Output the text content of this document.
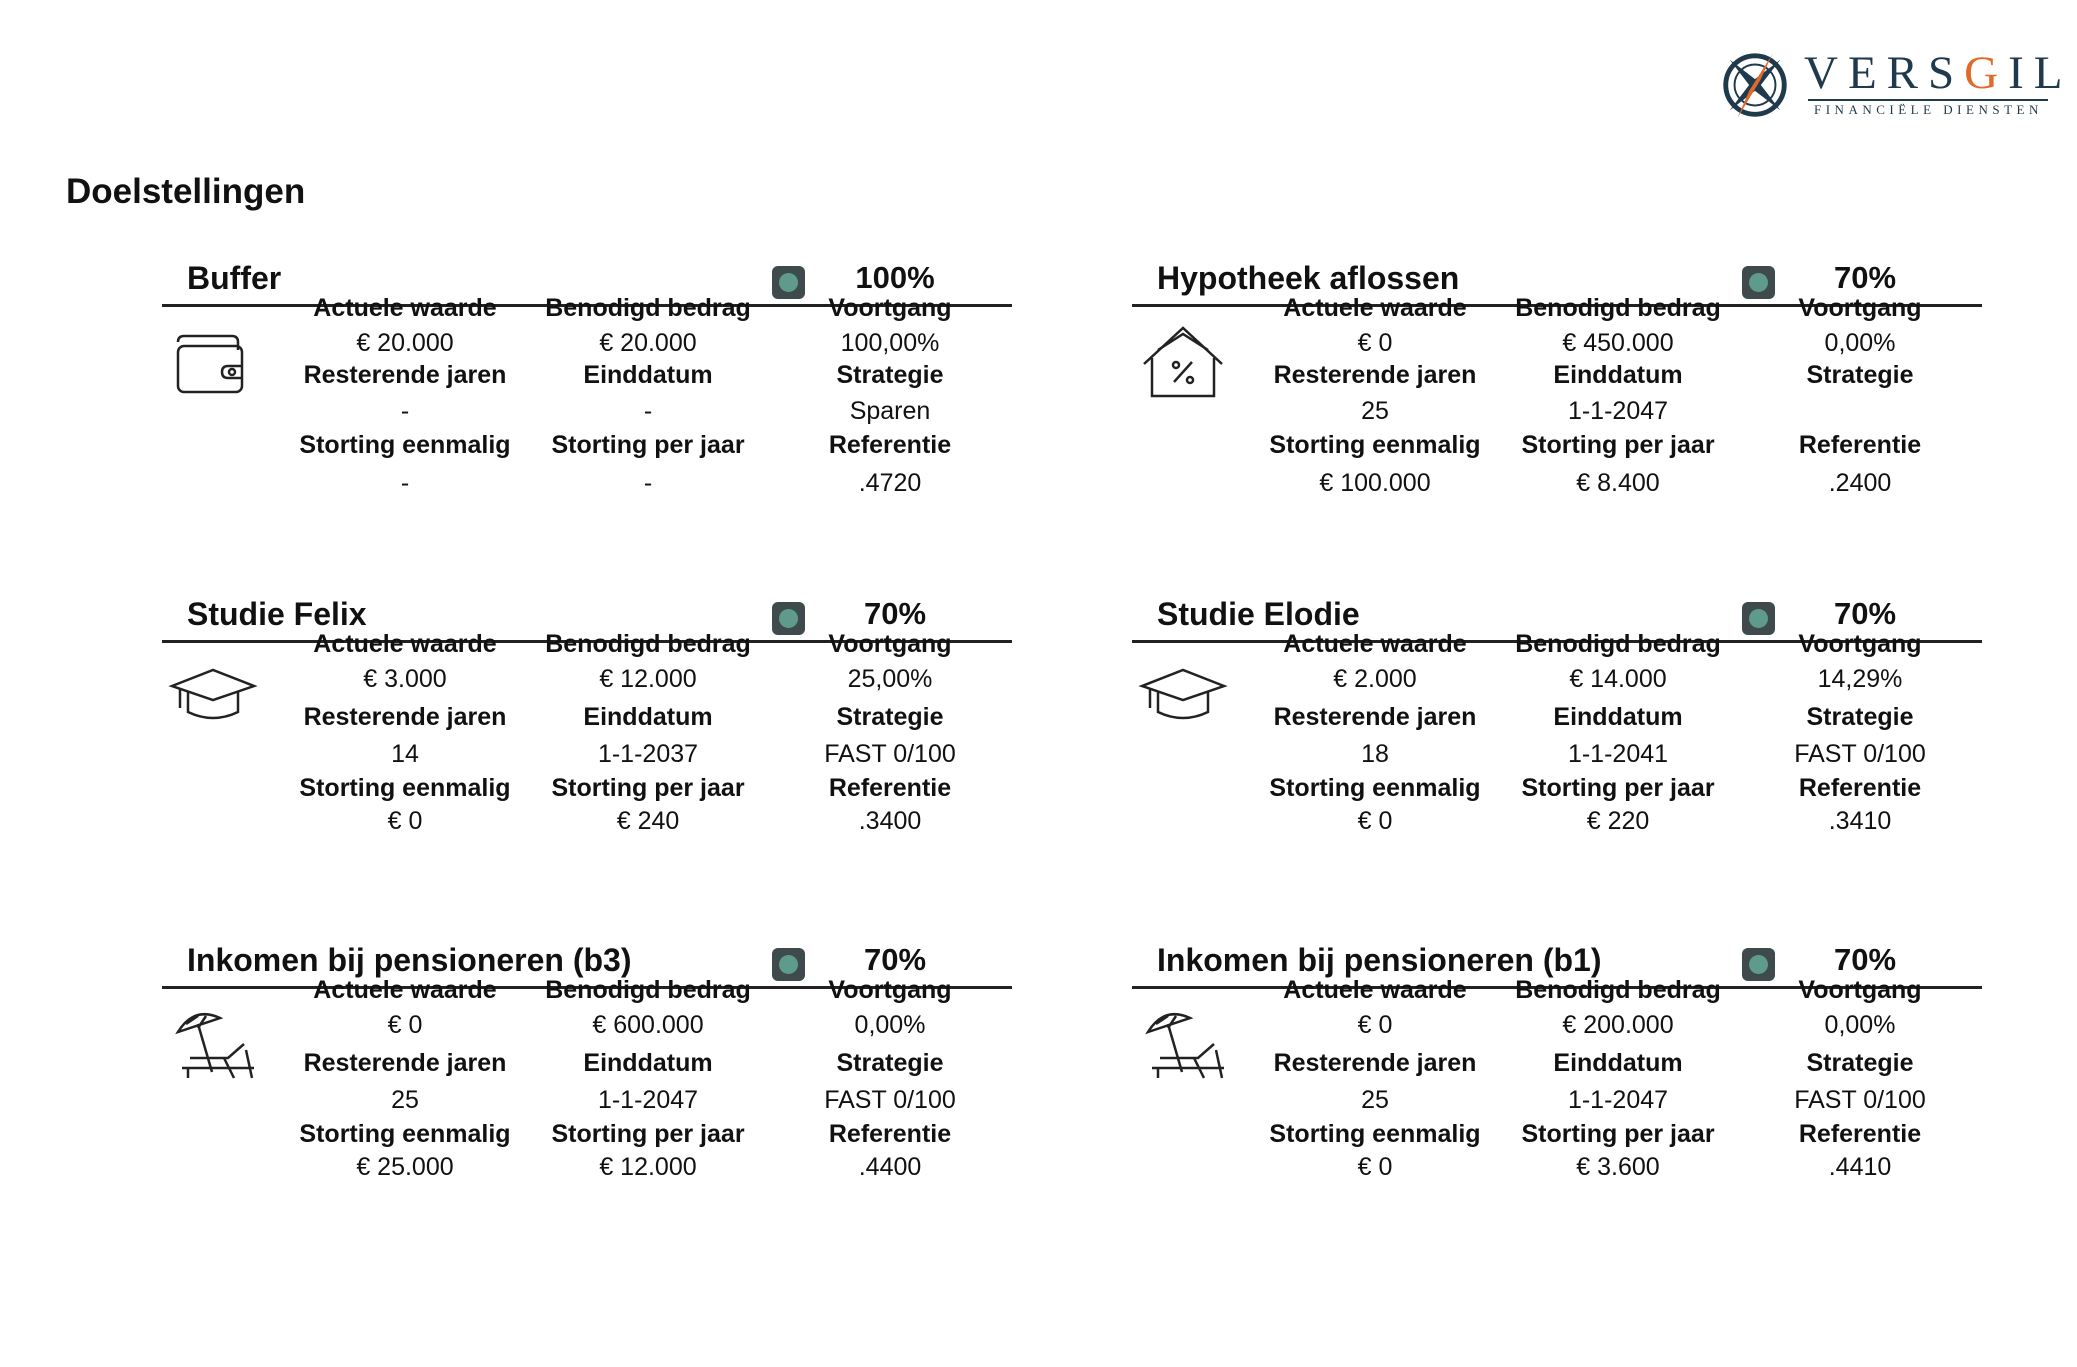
VERSGIL
FINANCIËLE DIENSTEN
Doelstellingen
Buffer	100%
Actuele waarde	Benodigd bedrag	Voortgang
€ 20.000	€ 20.000	100,00%
Resterende jaren	Einddatum	Strategie
-	-	Sparen
Storting eenmalig	Storting per jaar	Referentie
-	-	.4720
Hypotheek aflossen	70%
Actuele waarde	Benodigd bedrag	Voortgang
€ 0	€ 450.000	0,00%
Resterende jaren	Einddatum	Strategie
25	1-1-2047
Storting eenmalig	Storting per jaar	Referentie
€ 100.000	€ 8.400	.2400
Studie Felix	70%
Actuele waarde	Benodigd bedrag	Voortgang
€ 3.000	€ 12.000	25,00%
Resterende jaren	Einddatum	Strategie
14	1-1-2037	FAST 0/100
Storting eenmalig	Storting per jaar	Referentie
€ 0	€ 240	.3400
Studie Elodie	70%
Actuele waarde	Benodigd bedrag	Voortgang
€ 2.000	€ 14.000	14,29%
Resterende jaren	Einddatum	Strategie
18	1-1-2041	FAST 0/100
Storting eenmalig	Storting per jaar	Referentie
€ 0	€ 220	.3410
Inkomen bij pensioneren (b3)	70%
Actuele waarde	Benodigd bedrag	Voortgang
€ 0	€ 600.000	0,00%
Resterende jaren	Einddatum	Strategie
25	1-1-2047	FAST 0/100
Storting eenmalig	Storting per jaar	Referentie
€ 25.000	€ 12.000	.4400
Inkomen bij pensioneren (b1)	70%
Actuele waarde	Benodigd bedrag	Voortgang
€ 0	€ 200.000	0,00%
Resterende jaren	Einddatum	Strategie
25	1-1-2047	FAST 0/100
Storting eenmalig	Storting per jaar	Referentie
€ 0	€ 3.600	.4410
